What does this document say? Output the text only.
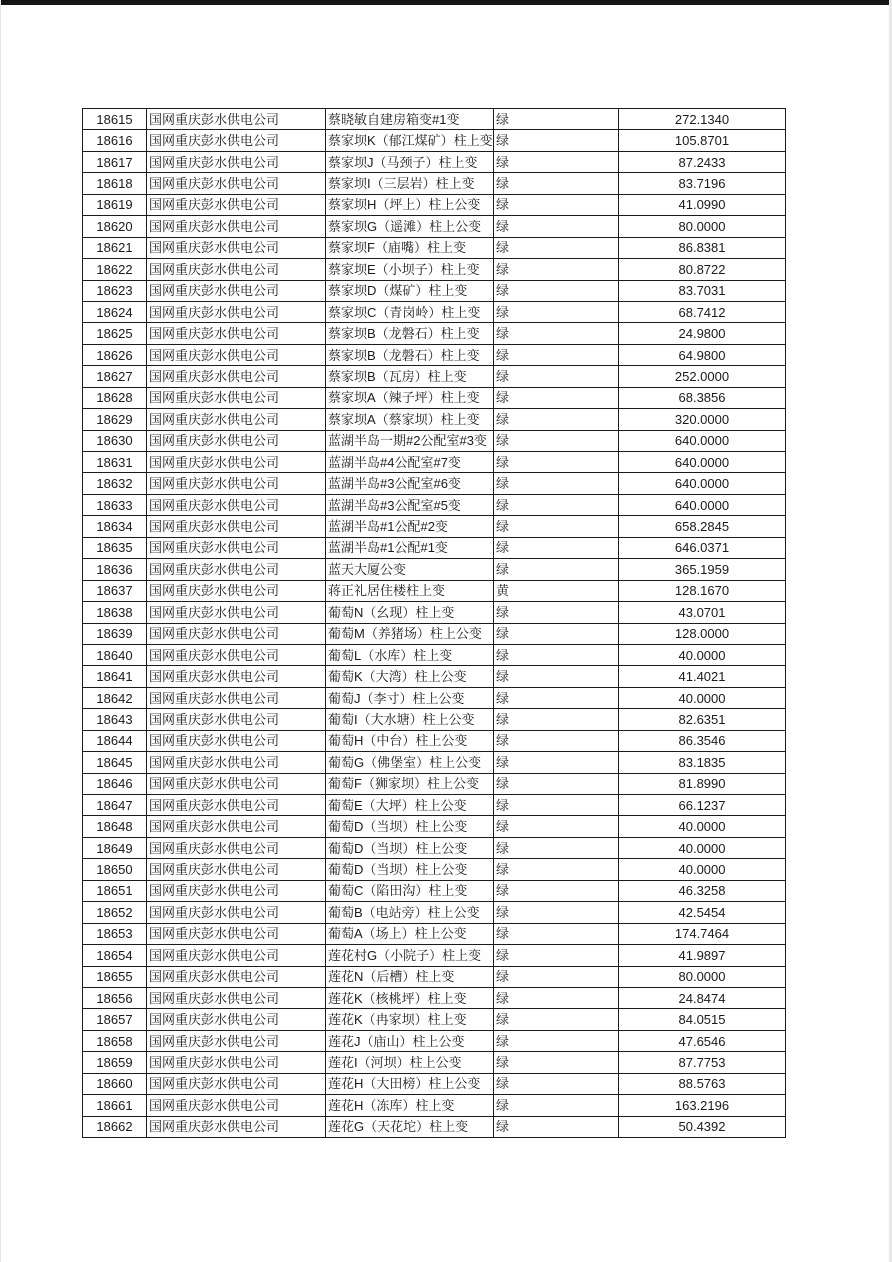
18615	国网重庆彭水供电公司	蔡晓敏自建房箱变#1变	绿	272.1340
18616	国网重庆彭水供电公司	蔡家坝K（郁江煤矿）柱上变	绿	105.8701
18617	国网重庆彭水供电公司	蔡家坝J（马颈子）柱上变	绿	87.2433
18618	国网重庆彭水供电公司	蔡家坝I（三层岩）柱上变	绿	83.7196
18619	国网重庆彭水供电公司	蔡家坝H（坪上）柱上公变	绿	41.0990
18620	国网重庆彭水供电公司	蔡家坝G（遥滩）柱上公变	绿	80.0000
18621	国网重庆彭水供电公司	蔡家坝F（庙嘴）柱上变	绿	86.8381
18622	国网重庆彭水供电公司	蔡家坝E（小坝子）柱上变	绿	80.8722
18623	国网重庆彭水供电公司	蔡家坝D（煤矿）柱上变	绿	83.7031
18624	国网重庆彭水供电公司	蔡家坝C（青岗岭）柱上变	绿	68.7412
18625	国网重庆彭水供电公司	蔡家坝B（龙磐石）柱上变	绿	24.9800
18626	国网重庆彭水供电公司	蔡家坝B（龙磐石）柱上变	绿	64.9800
18627	国网重庆彭水供电公司	蔡家坝B（瓦房）柱上变	绿	252.0000
18628	国网重庆彭水供电公司	蔡家坝A（辣子坪）柱上变	绿	68.3856
18629	国网重庆彭水供电公司	蔡家坝A（蔡家坝）柱上变	绿	320.0000
18630	国网重庆彭水供电公司	蓝湖半岛一期#2公配室#3变	绿	640.0000
18631	国网重庆彭水供电公司	蓝湖半岛#4公配室#7变	绿	640.0000
18632	国网重庆彭水供电公司	蓝湖半岛#3公配室#6变	绿	640.0000
18633	国网重庆彭水供电公司	蓝湖半岛#3公配室#5变	绿	640.0000
18634	国网重庆彭水供电公司	蓝湖半岛#1公配#2变	绿	658.2845
18635	国网重庆彭水供电公司	蓝湖半岛#1公配#1变	绿	646.0371
18636	国网重庆彭水供电公司	蓝天大厦公变	绿	365.1959
18637	国网重庆彭水供电公司	蒋正礼居住楼柱上变	黄	128.1670
18638	国网重庆彭水供电公司	葡萄N（幺现）柱上变	绿	43.0701
18639	国网重庆彭水供电公司	葡萄M（养猪场）柱上公变	绿	128.0000
18640	国网重庆彭水供电公司	葡萄L（水库）柱上变	绿	40.0000
18641	国网重庆彭水供电公司	葡萄K（大湾）柱上公变	绿	41.4021
18642	国网重庆彭水供电公司	葡萄J（李寸）柱上公变	绿	40.0000
18643	国网重庆彭水供电公司	葡萄I（大水塘）柱上公变	绿	82.6351
18644	国网重庆彭水供电公司	葡萄H（中台）柱上公变	绿	86.3546
18645	国网重庆彭水供电公司	葡萄G（佛堡室）柱上公变	绿	83.1835
18646	国网重庆彭水供电公司	葡萄F（狮家坝）柱上公变	绿	81.8990
18647	国网重庆彭水供电公司	葡萄E（大坪）柱上公变	绿	66.1237
18648	国网重庆彭水供电公司	葡萄D（当坝）柱上公变	绿	40.0000
18649	国网重庆彭水供电公司	葡萄D（当坝）柱上公变	绿	40.0000
18650	国网重庆彭水供电公司	葡萄D（当坝）柱上公变	绿	40.0000
18651	国网重庆彭水供电公司	葡萄C（陷田沟）柱上变	绿	46.3258
18652	国网重庆彭水供电公司	葡萄B（电站旁）柱上公变	绿	42.5454
18653	国网重庆彭水供电公司	葡萄A（场上）柱上公变	绿	174.7464
18654	国网重庆彭水供电公司	莲花村G（小院子）柱上变	绿	41.9897
18655	国网重庆彭水供电公司	莲花N（后槽）柱上变	绿	80.0000
18656	国网重庆彭水供电公司	莲花K（核桃坪）柱上变	绿	24.8474
18657	国网重庆彭水供电公司	莲花K（冉家坝）柱上变	绿	84.0515
18658	国网重庆彭水供电公司	莲花J（庙山）柱上公变	绿	47.6546
18659	国网重庆彭水供电公司	莲花I（河坝）柱上公变	绿	87.7753
18660	国网重庆彭水供电公司	莲花H（大田榜）柱上公变	绿	88.5763
18661	国网重庆彭水供电公司	莲花H（冻库）柱上变	绿	163.2196
18662	国网重庆彭水供电公司	莲花G（天花坨）柱上变	绿	50.4392
